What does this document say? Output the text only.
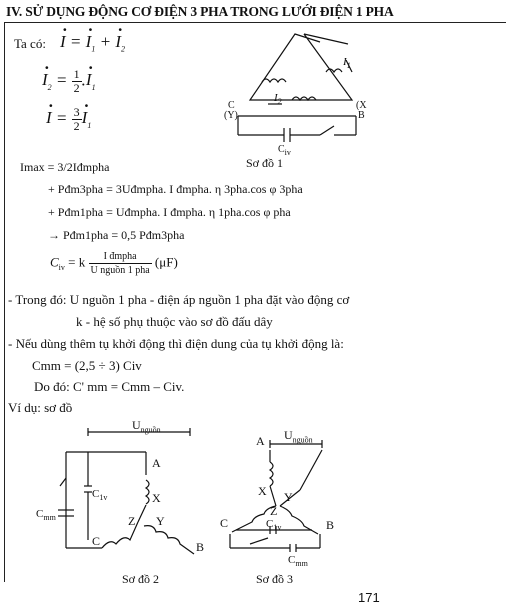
IV. SỬ DỤNG ĐỘNG CƠ ĐIỆN 3 PHA TRONG LƯỚI ĐIỆN 1 PHA
Ta có:
· I = · $I_1$ + · $I_2$
· $I_2 = \frac{1}{2}$ .· $I_1$
· $I = \frac{3}{2}$
· $I_1$
$I_1$
$I_2$
C
(Y)
(X
B
$C_{iv}$
Sơ đồ 1
Imax = 3/2Iđmpha
+ Pđm3pha = 3Uđmpha. I đmpha. η 3pha.cos φ 3pha
+ Pđm1pha = Uđmpha. I đmpha. η 1pha.cos φ pha
→ Pđm1pha = 0,5 Pđm3pha
$C_{iv} = k \frac{\text{I đmpha}}{\text{U nguồn 1 pha}} (\mu F)$
- Trong đó: U nguồn 1 pha - điện áp nguồn 1 pha đặt vào động cơ
k - hệ số phụ thuộc vào sơ đồ đấu dây
- Nếu dùng thêm tụ khởi động thì điện dung của tụ khởi động là:
Cmm = (2,5 ÷ 3) Civ
Do đó: C' mm = Cmm – Civ.
Ví dụ: sơ đồ
$U_{nguồn}$
A
X
Z Y
C	B
$C_{1v}$
$C_{mm}$
Sơ đồ 2
$U_{nguồn}$
A
X Y
Z
C	B
$C_{1v}$
$C_{mm}$
Sơ đồ 3
171
